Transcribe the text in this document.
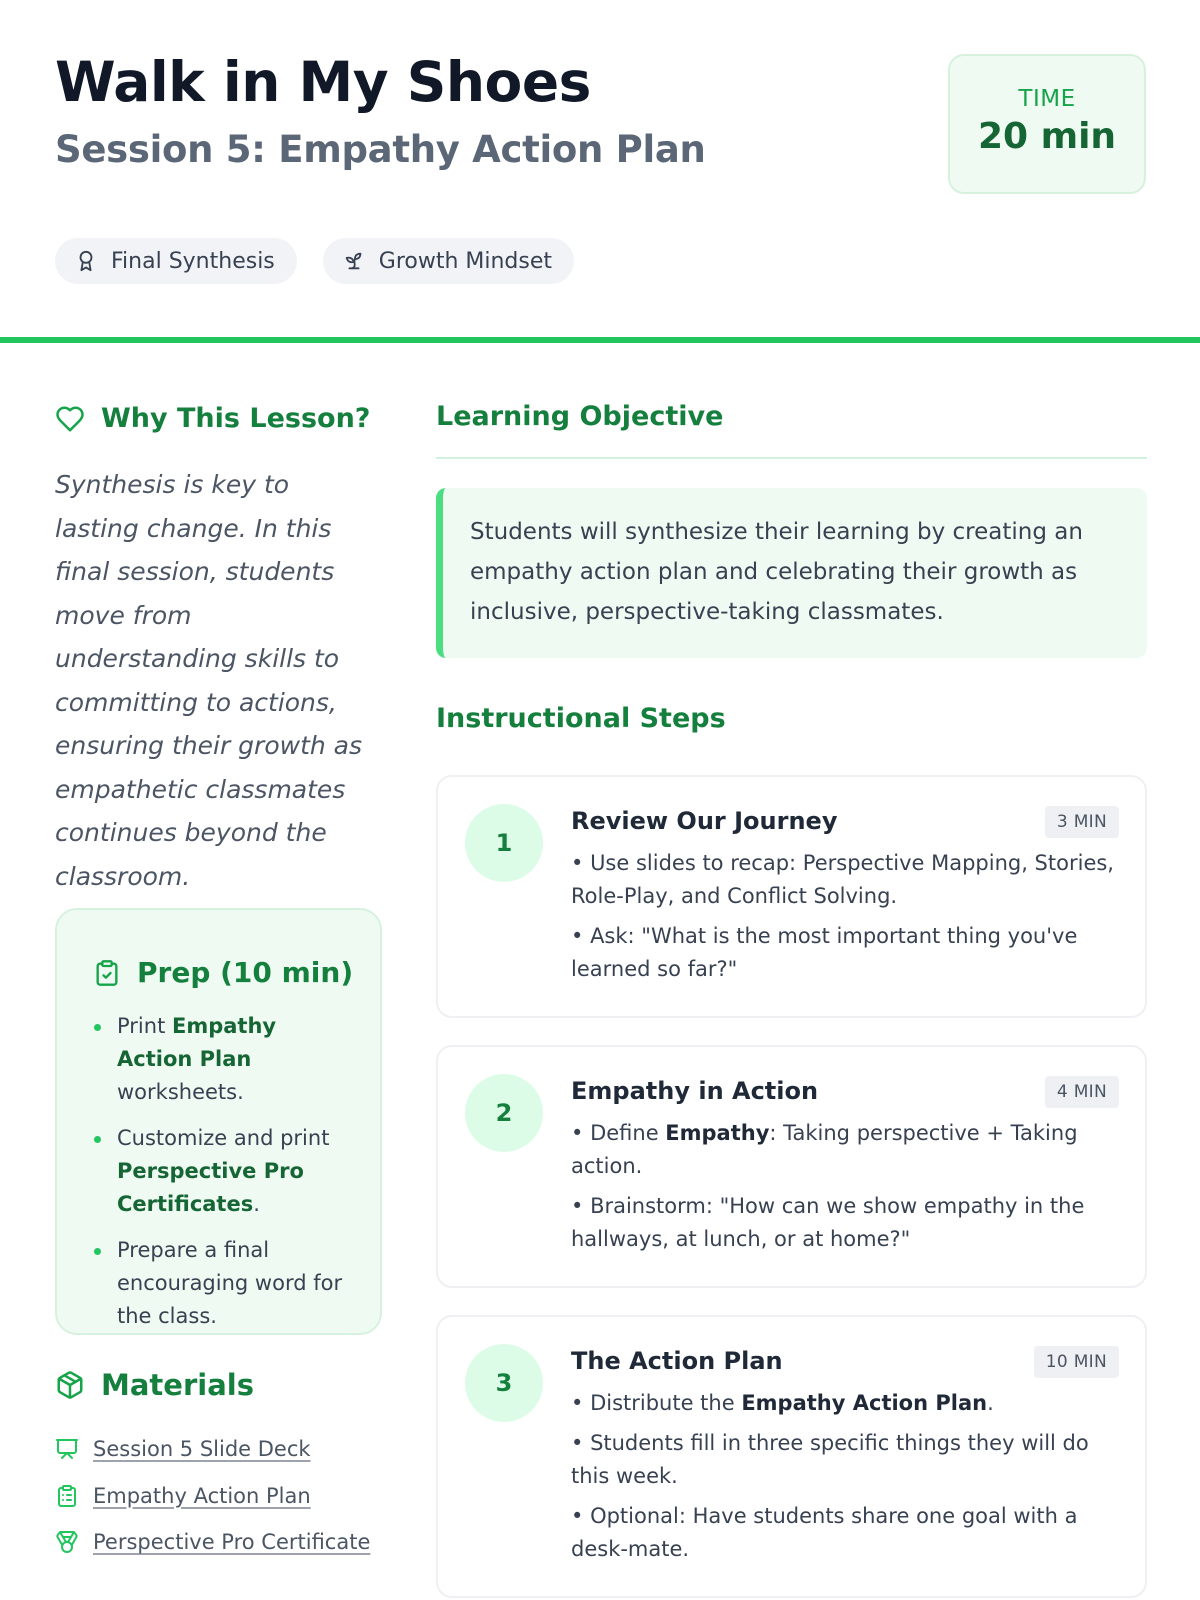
Walk in My Shoes
Session 5: Empathy Action Plan
TIME
20 min
Final Synthesis	Growth Mindset
Why This Lesson?

Synthesis is key to lasting change. In this final session, students move from understanding skills to committing to actions, ensuring their growth as empathetic classmates continues beyond the classroom.

Prep (10 min)
Print Empathy Action Plan worksheets.
Customize and print Perspective Pro Certificates.
Prepare a final encouraging word for the class.
Materials
Session 5 Slide Deck
Empathy Action Plan
Perspective Pro Certificate
Learning Objective

Students will synthesize their learning by creating an empathy action plan and celebrating their growth as inclusive, perspective-taking classmates.

Instructional Steps
1
Review Our Journey	3 MIN
• Use slides to recap: Perspective Mapping, Stories, Role-Play, and Conflict Solving.
• Ask: "What is the most important thing you've learned so far?"
2
Empathy in Action	4 MIN
• Define Empathy: Taking perspective + Taking action.
• Brainstorm: "How can we show empathy in the hallways, at lunch, or at home?"
3
The Action Plan	10 MIN
• Distribute the Empathy Action Plan.
• Students fill in three specific things they will do this week.
• Optional: Have students share one goal with a desk-mate.
